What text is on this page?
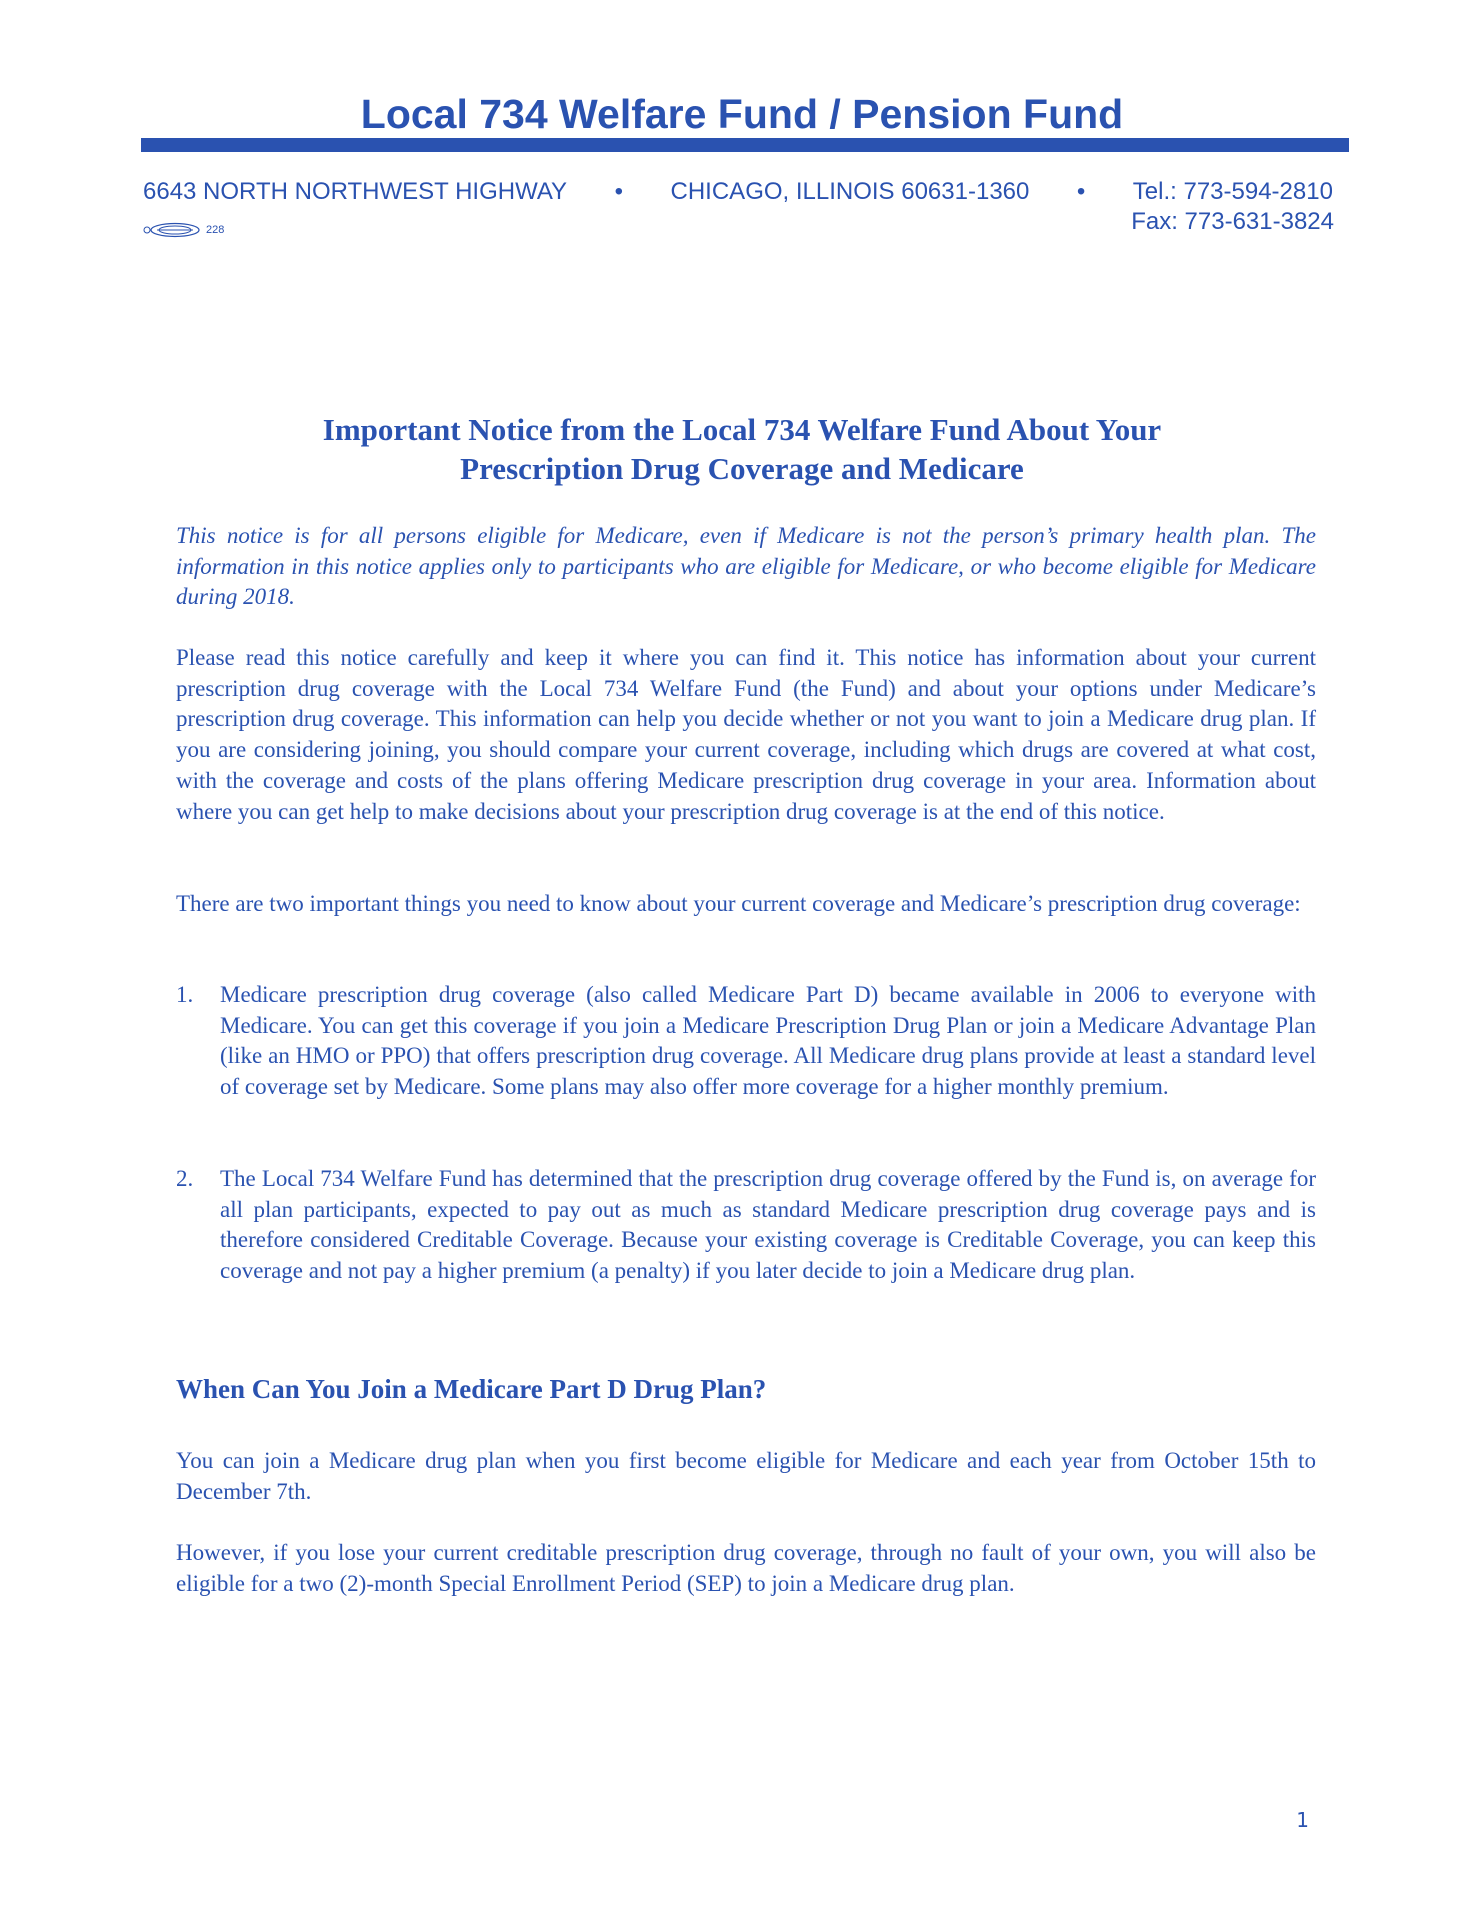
Local 734 Welfare Fund / Pension Fund
6643 NORTH NORTHWEST HIGHWAY • CHICAGO, ILLINOIS 60631-1360 • Tel.: 773-594-2810
Fax: 773-631-3824
228
Important Notice from the Local 734 Welfare Fund About Your
Prescription Drug Coverage and Medicare

This notice is for all persons eligible for Medicare, even if Medicare is not the person’s primary health plan. The information in this notice applies only to participants who are eligible for Medicare, or who become eligible for Medicare during 2018.

Please read this notice carefully and keep it where you can find it. This notice has information about your current prescription drug coverage with the Local 734 Welfare Fund (the Fund) and about your options under Medicare’s prescription drug coverage. This information can help you decide whether or not you want to join a Medicare drug plan. If you are considering joining, you should compare your current coverage, including which drugs are covered at what cost, with the coverage and costs of the plans offering Medicare prescription drug coverage in your area. Information about where you can get help to make decisions about your prescription drug coverage is at the end of this notice.

There are two important things you need to know about your current coverage and Medicare’s prescription drug coverage:

1.	Medicare prescription drug coverage (also called Medicare Part D) became available in 2006 to everyone with Medicare. You can get this coverage if you join a Medicare Prescription Drug Plan or join a Medicare Advantage Plan (like an HMO or PPO) that offers prescription drug coverage. All Medicare drug plans provide at least a standard level of coverage set by Medicare. Some plans may also offer more coverage for a higher monthly premium.
2.	The Local 734 Welfare Fund has determined that the prescription drug coverage offered by the Fund is, on average for all plan participants, expected to pay out as much as standard Medicare prescription drug coverage pays and is therefore considered Creditable Coverage. Because your existing coverage is Creditable Coverage, you can keep this coverage and not pay a higher premium (a penalty) if you later decide to join a Medicare drug plan.
When Can You Join a Medicare Part D Drug Plan?

You can join a Medicare drug plan when you first become eligible for Medicare and each year from October 15th to December 7th.

However, if you lose your current creditable prescription drug coverage, through no fault of your own, you will also be eligible for a two (2)-month Special Enrollment Period (SEP) to join a Medicare drug plan.

1
